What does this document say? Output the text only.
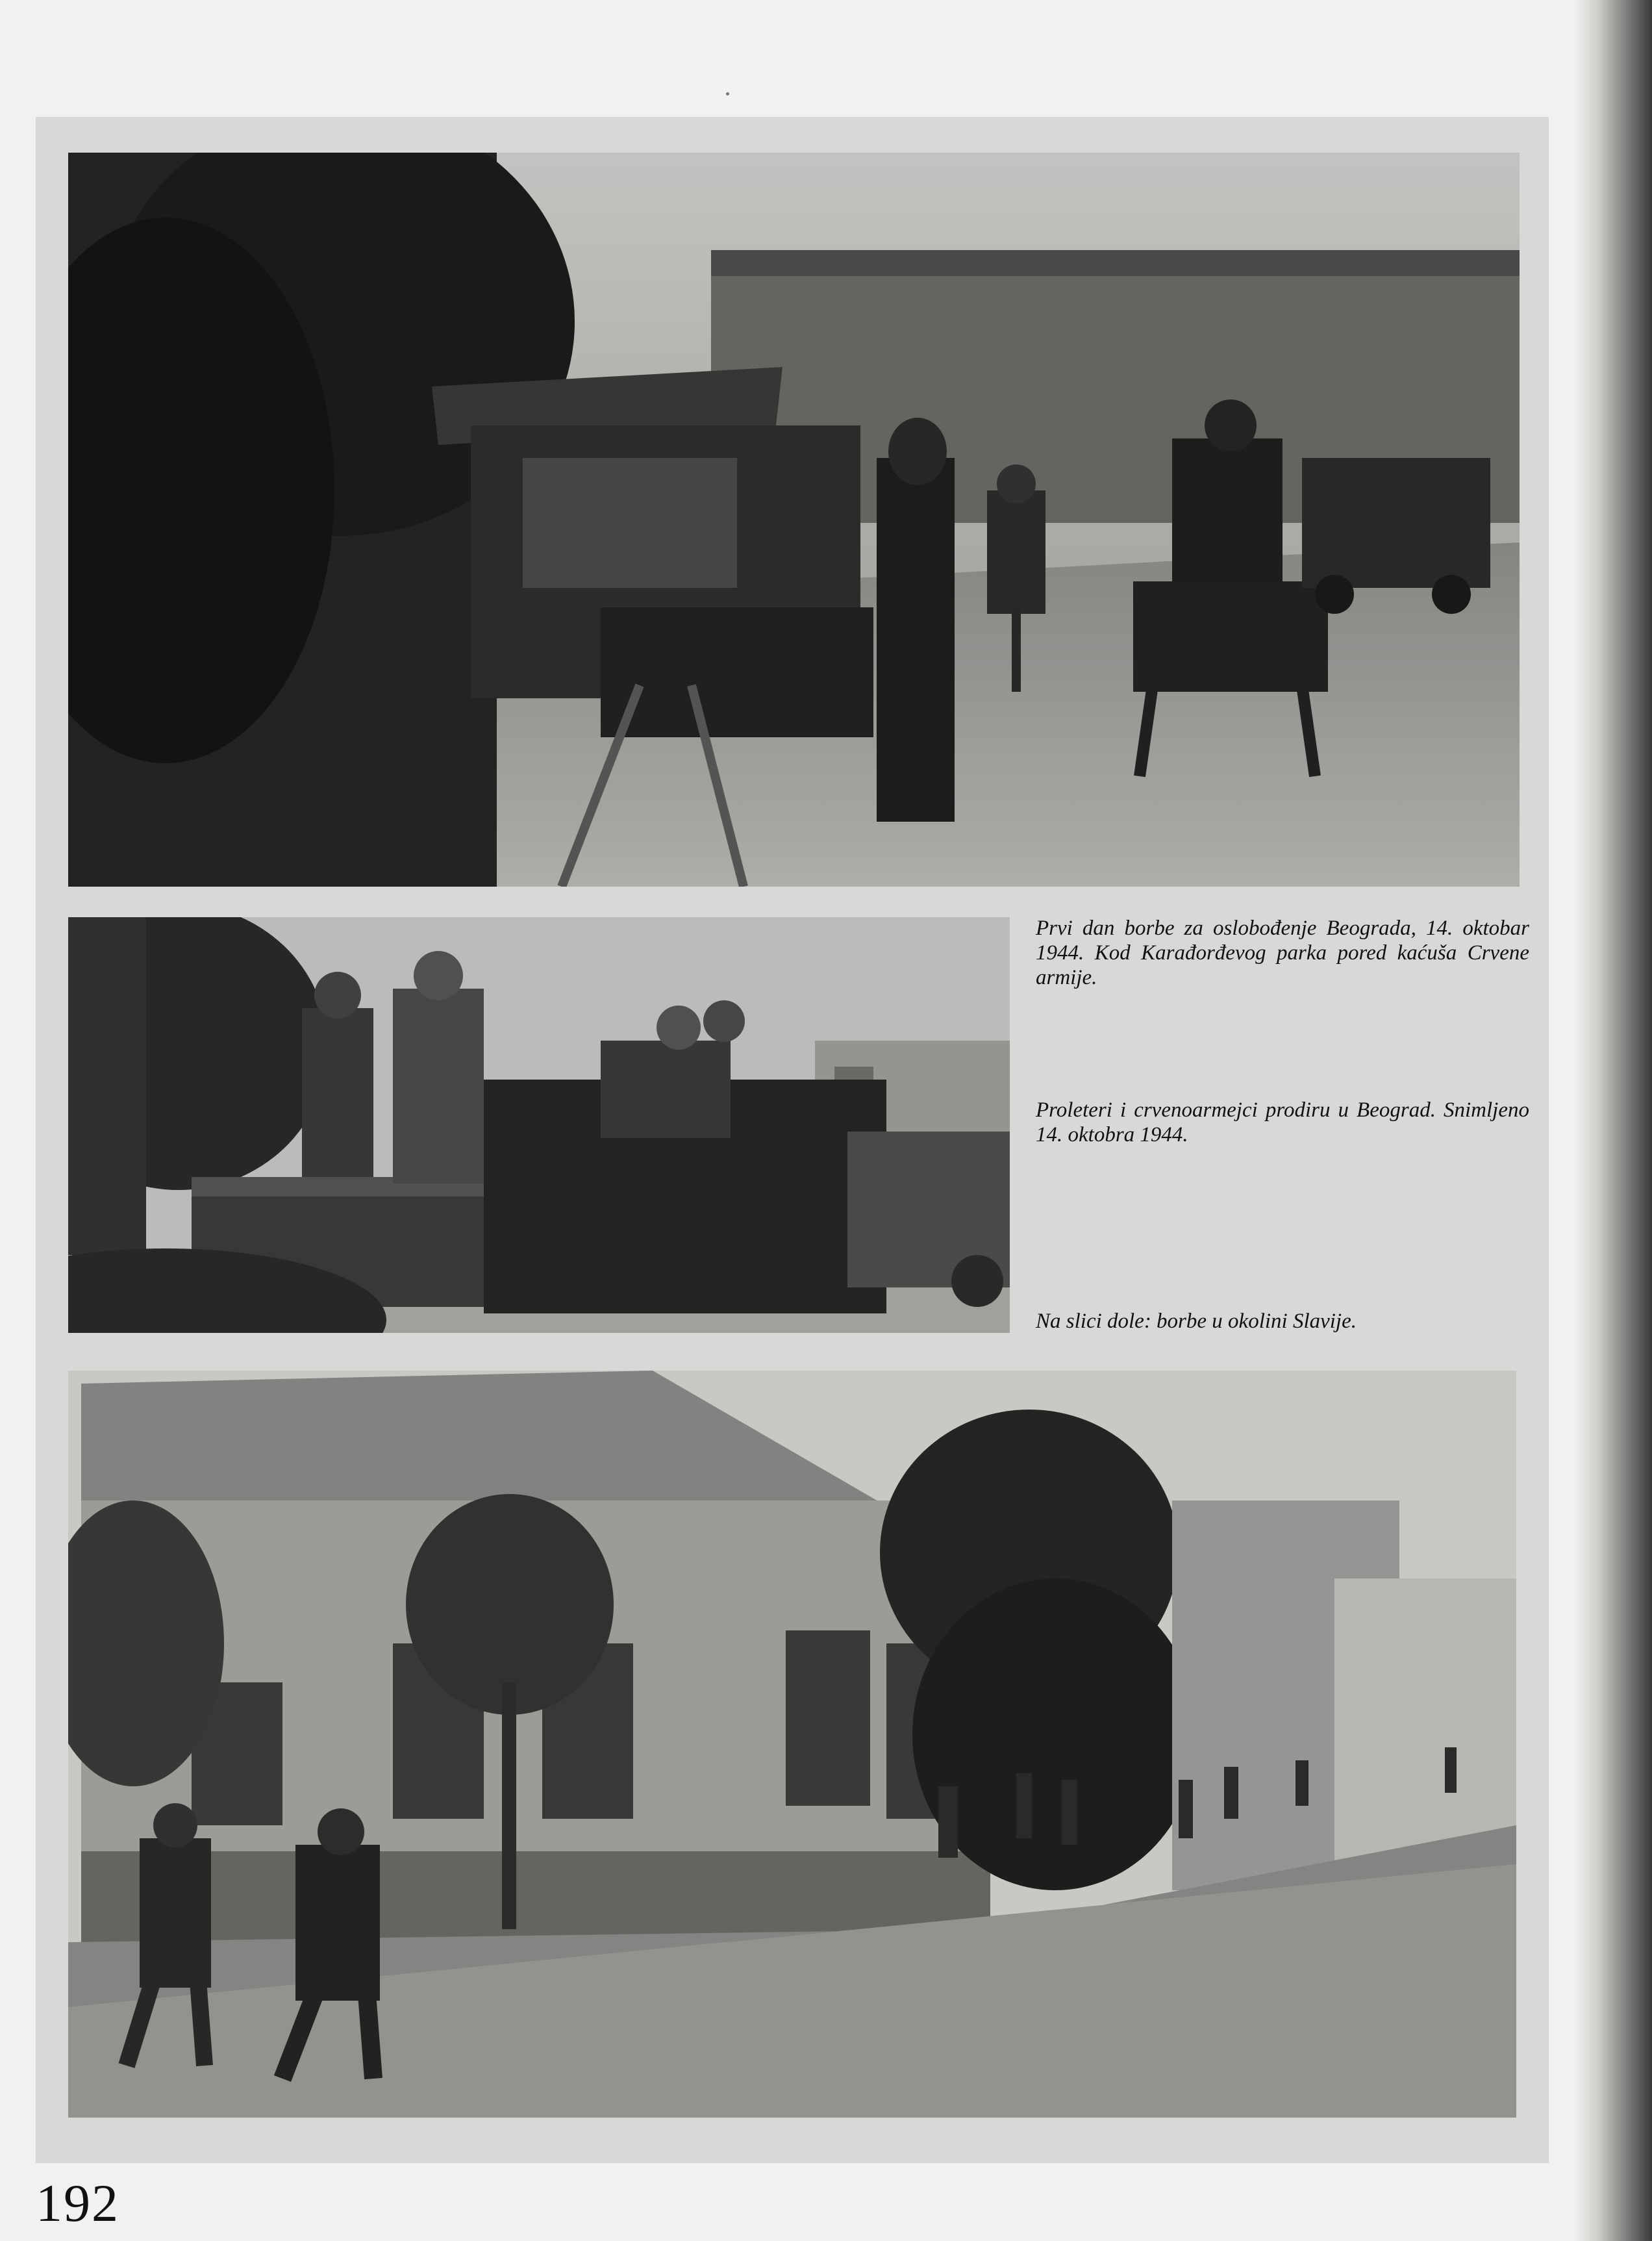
Prvi dan borbe za oslobođenje Beograda, 14. oktobar 1944. Kod Karađorđevog parka pored kaćuša Crvene armije.

Proleteri i crvenoarmejci prodiru u Beograd. Snimljeno 14. oktobra 1944.

Na slici dole: borbe u okolini Slavije.

192
